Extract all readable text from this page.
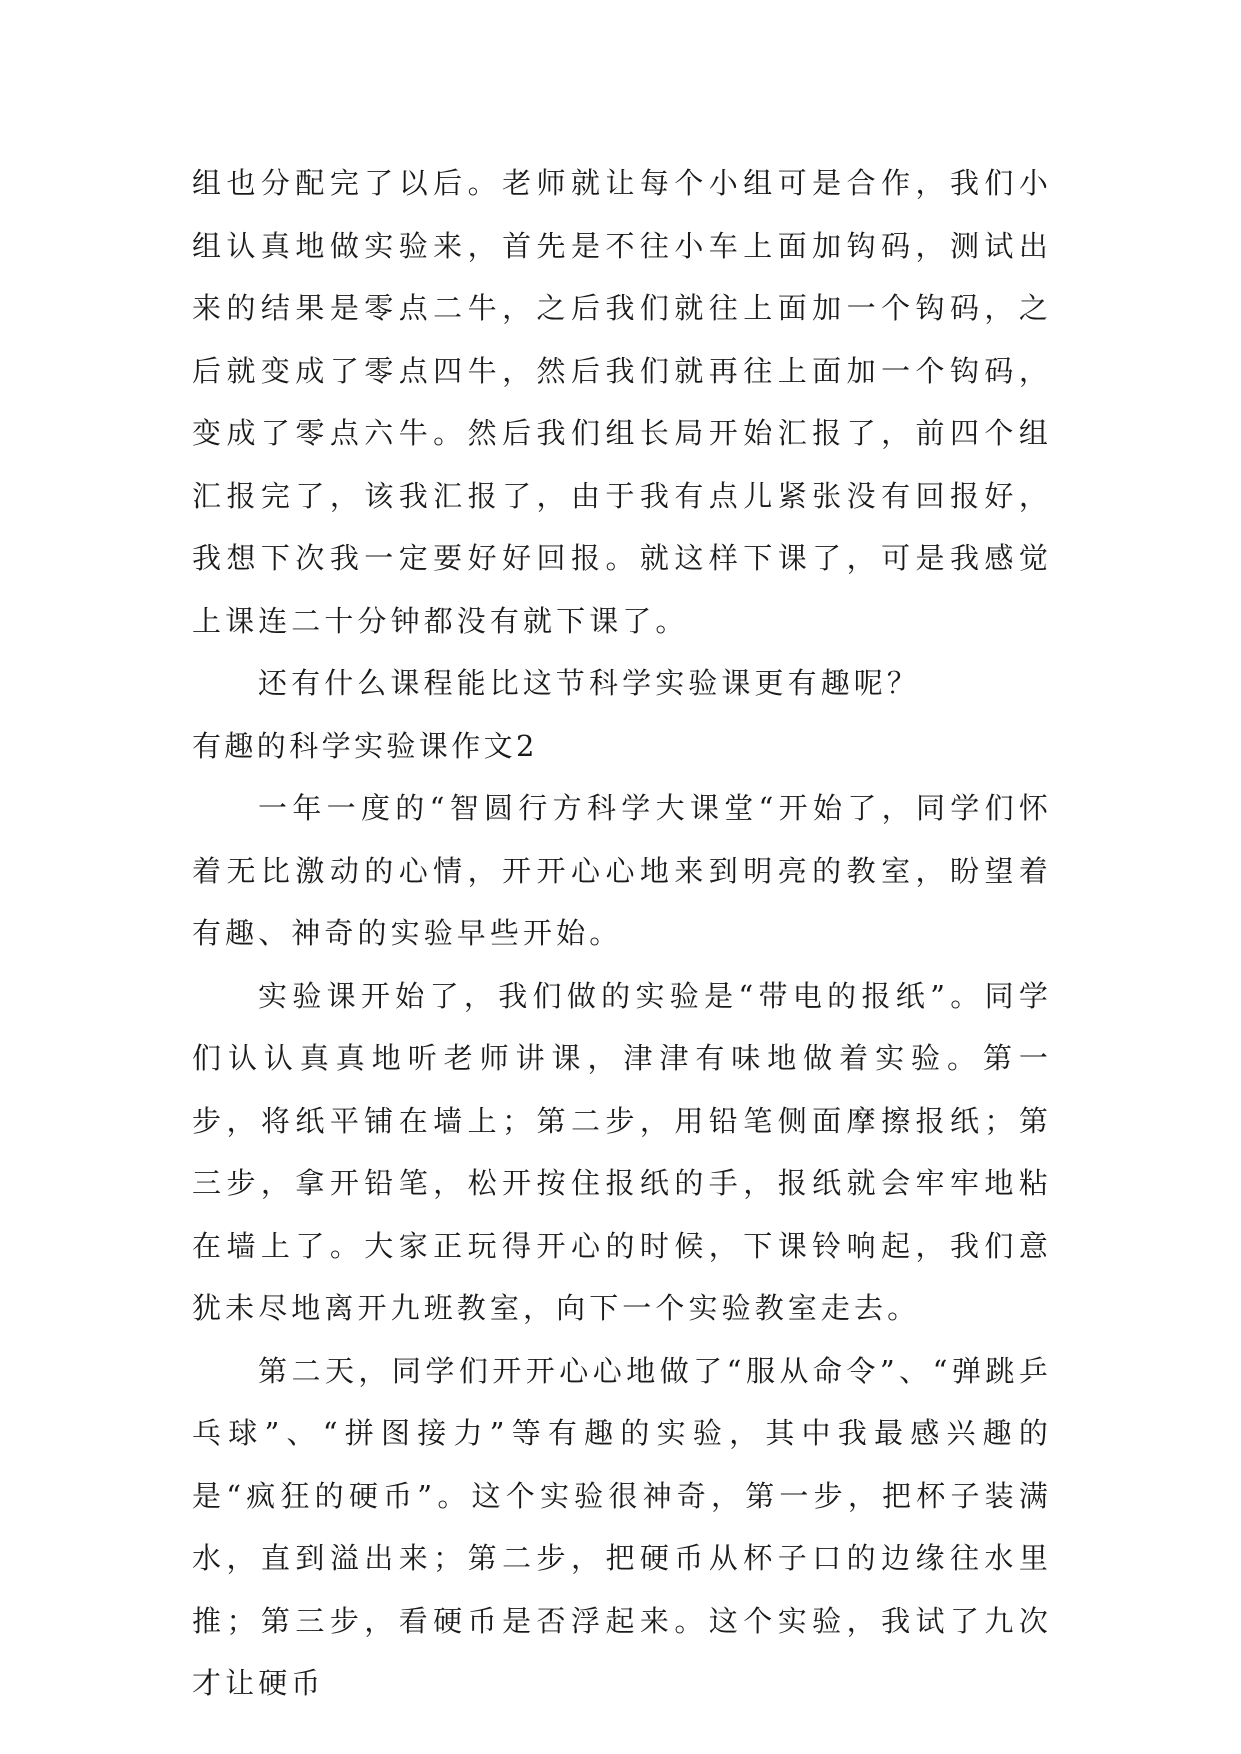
组也分配完了以后。老师就让每个小组可是合作，我们小组认真地做实验来，首先是不往小车上面加钩码，测试出来的结果是零点二牛，之后我们就往上面加一个钩码，之后就变成了零点四牛，然后我们就再往上面加一个钩码，变成了零点六牛。然后我们组长局开始汇报了，前四个组汇报完了，该我汇报了，由于我有点儿紧张没有回报好，我想下次我一定要好好回报。就这样下课了，可是我感觉上课连二十分钟都没有就下课了。

还有什么课程能比这节科学实验课更有趣呢？

有趣的科学实验课作文2

一年一度的“智圆行方科学大课堂“开始了，同学们怀着无比激动的心情，开开心心地来到明亮的教室，盼望着有趣、神奇的实验早些开始。

实验课开始了，我们做的实验是“带电的报纸”。同学们认认真真地听老师讲课，津津有味地做着实验。第一步，将纸平铺在墙上；第二步，用铅笔侧面摩擦报纸；第三步，拿开铅笔，松开按住报纸的手，报纸就会牢牢地粘在墙上了。大家正玩得开心的时候，下课铃响起，我们意犹未尽地离开九班教室，向下一个实验教室走去。

第二天，同学们开开心心地做了“服从命令”、“弹跳乒乓球”、“拼图接力”等有趣的实验，其中我最感兴趣的是“疯狂的硬币”。这个实验很神奇，第一步，把杯子装满水，直到溢出来；第二步，把硬币从杯子口的边缘往水里推；第三步，看硬币是否浮起来。这个实验，我试了九次才让硬币
